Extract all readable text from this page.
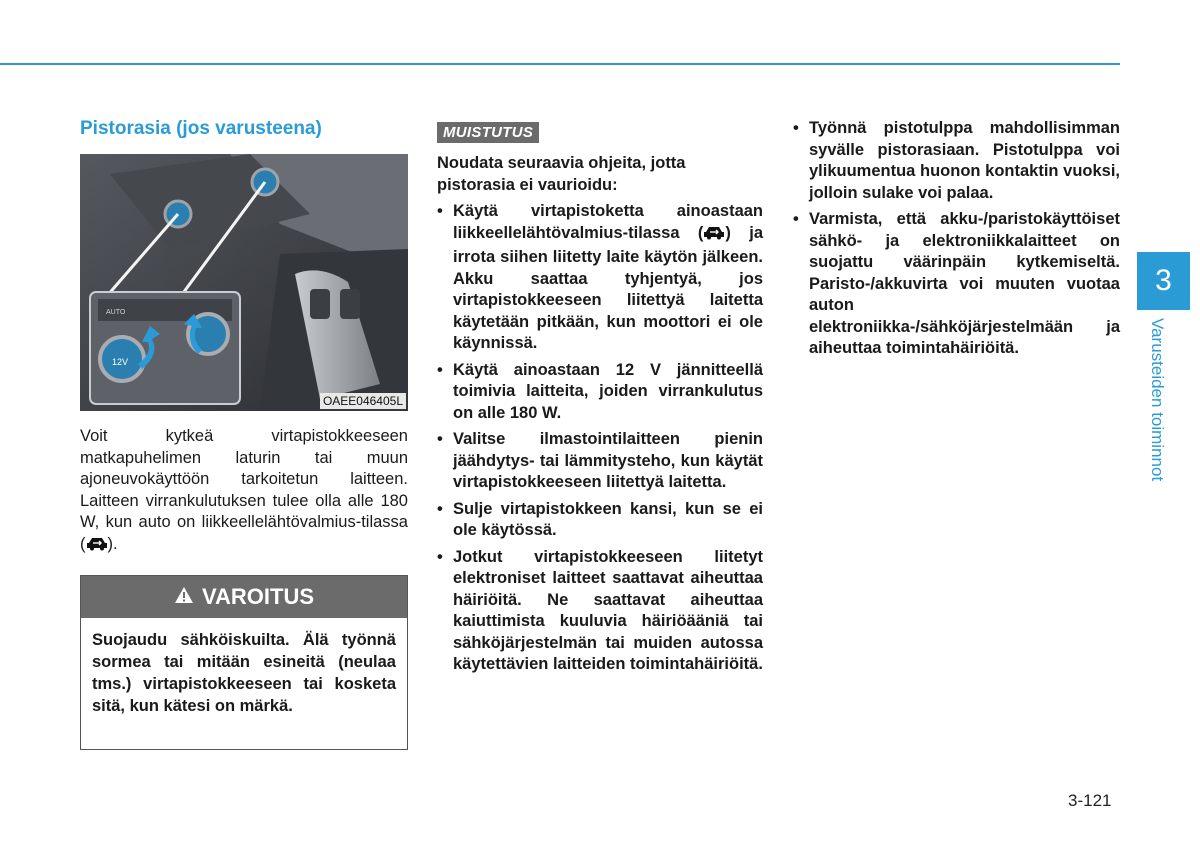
Pistorasia (jos varusteena)
AUTO
12V
OAEE046405L

Voit kytkeä virtapistokkeeseen matkapuhelimen laturin tai muun ajoneuvokäyttöön tarkoitetun laitteen. Laitteen virrankulutuksen tulee olla alle 180 W, kun auto on liikkeellelähtövalmius-tilassa ( ).

VAROITUS
Suojaudu sähköiskuilta. Älä työnnä sormea tai mitään esineitä (neulaa tms.) virtapistokkeeseen tai kosketa sitä, kun kätesi on märkä.
MUISTUTUS

Noudata seuraavia ohjeita, jotta pistorasia ei vaurioidu:

• Käytä virtapistoketta ainoastaan liikkeellelähtövalmius-tilassa ( ) ja irrota siihen liitetty laite käytön jälkeen. Akku saattaa tyhjentyä, jos virtapistokkeeseen liitettyä laitetta käytetään pitkään, kun moottori ei ole käynnissä.
• Käytä ainoastaan 12 V jännitteellä toimivia laitteita, joiden virrankulutus on alle 180 W.
• Valitse ilmastointilaitteen pienin jäähdytys- tai lämmitysteho, kun käytät virtapistokkeeseen liitettyä laitetta.
• Sulje virtapistokkeen kansi, kun se ei ole käytössä.
• Jotkut virtapistokkeeseen liitetyt elektroniset laitteet saattavat aiheuttaa häiriöitä. Ne saattavat aiheuttaa kaiuttimista kuuluvia häiriöääniä tai sähköjärjestelmän tai muiden autossa käytettävien laitteiden toimintahäiriöitä.
• Työnnä pistotulppa mahdollisimman syvälle pistorasiaan. Pistotulppa voi ylikuumentua huonon kontaktin vuoksi, jolloin sulake voi palaa.
• Varmista, että akku-/paristokäyttöiset sähkö- ja elektroniikkalaitteet on suojattu väärinpäin kytkemiseltä. Paristo-/akkuvirta voi muuten vuotaa auton elektroniikka-/sähköjärjestelmään ja aiheuttaa toimintahäiriöitä.
3
Varusteiden toiminnot
3-121
